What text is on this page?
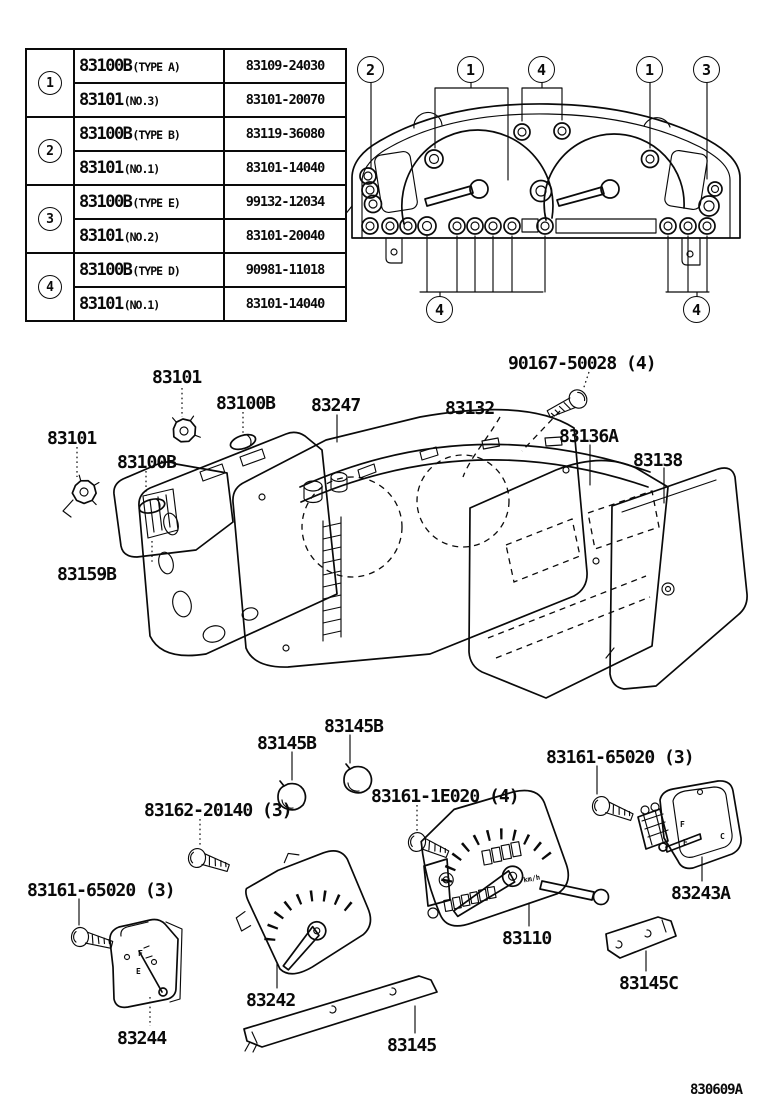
km/h
F
E
F
E
C
1	83100B(TYPE A)	83109-24030
	83101(NO.3)	83101-20070

2	83100B(TYPE B)	83119-36080
	83101(NO.1)	83101-14040

3	83100B(TYPE E)	99132-12034
	83101(NO.2)	83101-20040

4	83100B(TYPE D)	90981-11018
	83101(NO.1)	83101-14040
2	1	4	1	3
4	4
83101
83100B 83247	83132
90167-50028 (4)
83136A
83138
83101
83100B
83159B
83145B
83145B
83161-65020 (3)
83161-1E020 (4)
83162-20140 (3)
83161-65020 (3)
83244
83242
83145
83110
83243A
83145C
830609A
